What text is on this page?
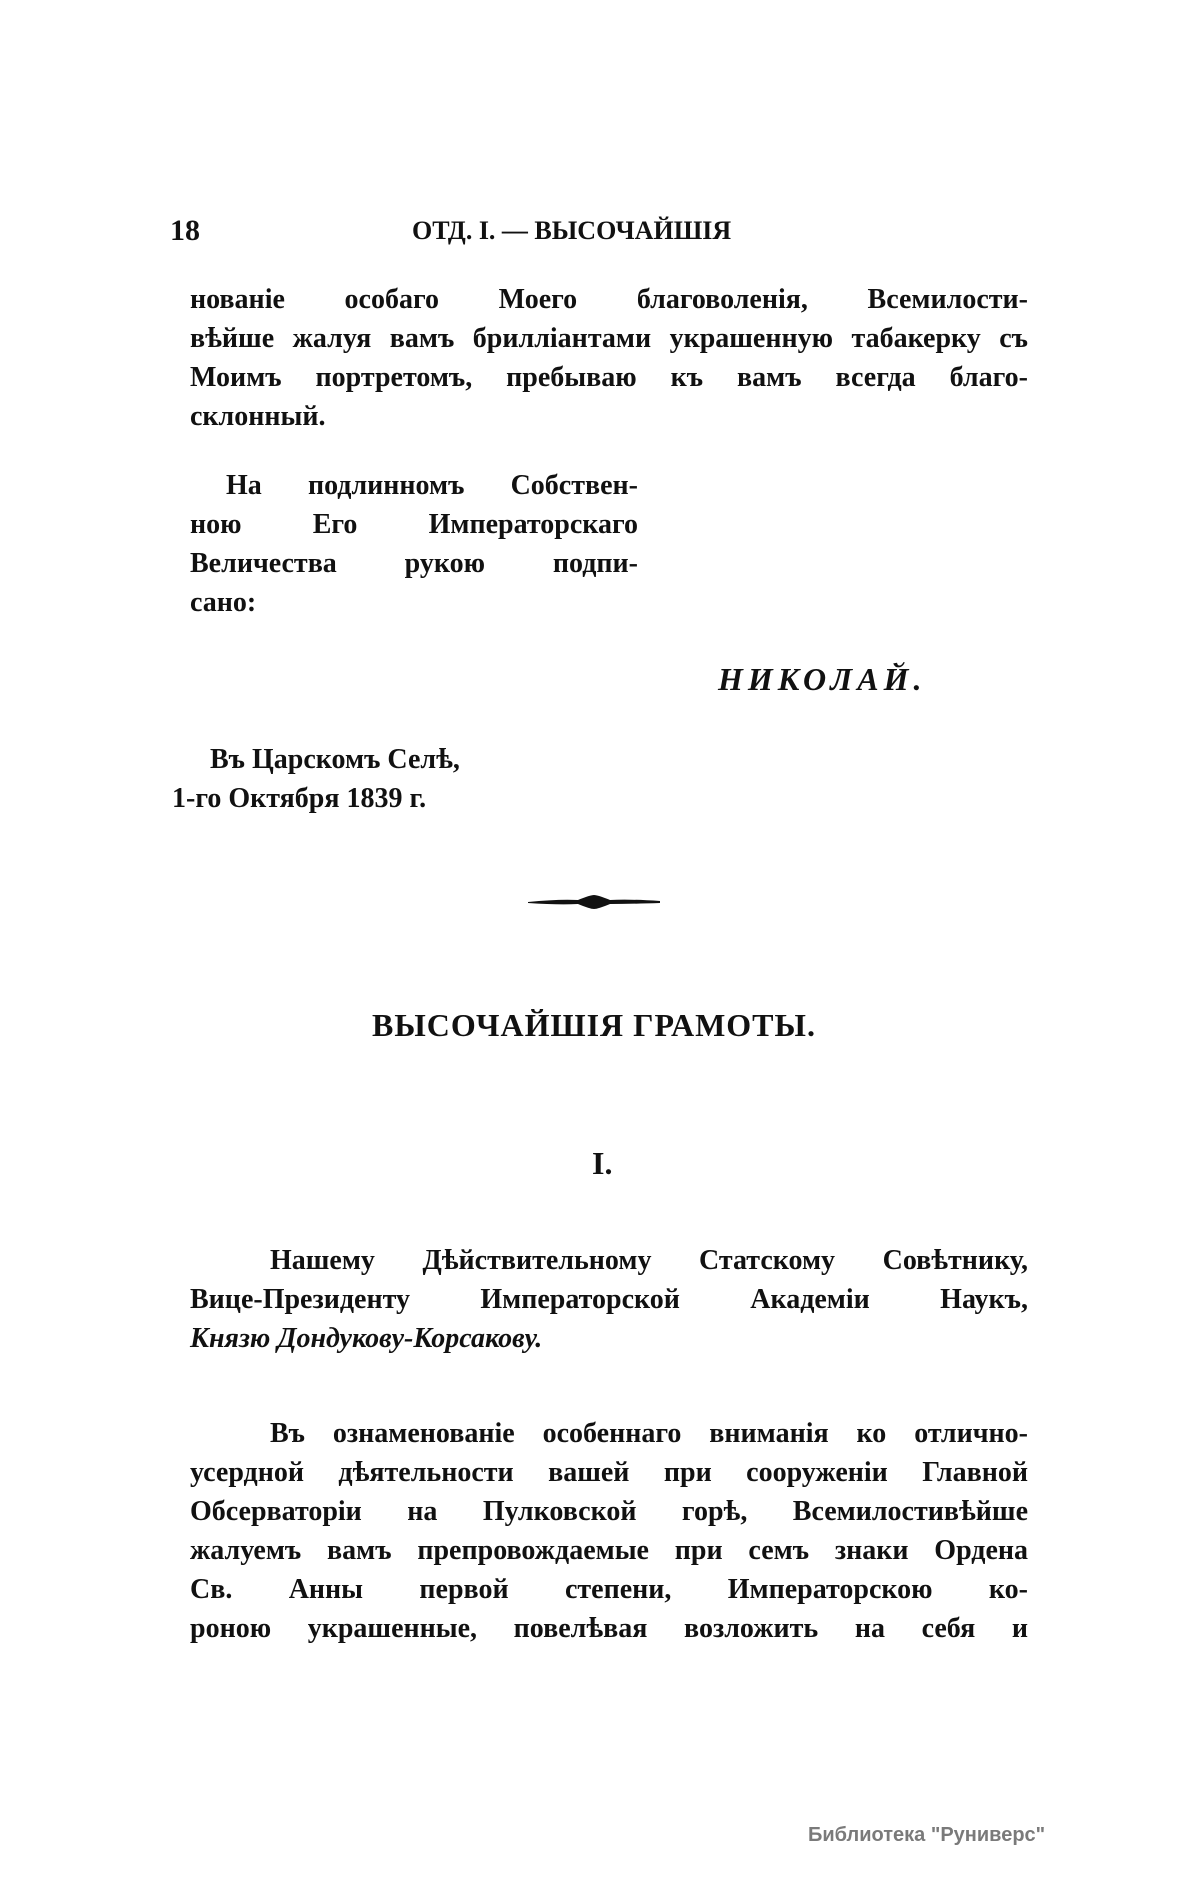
18	ОТД. I. — ВЫСОЧАЙШІЯ
нованіе особаго Моего благоволенія, Всемилости-
вѣйше жалуя вамъ брилліантами украшенную табакерку съ
Моимъ портретомъ, пребываю къ вамъ всегда благо-
склонный.
На подлинномъ Собствен-
ною Его Императорскаго
Величества рукою подпи-
сано:
НИКОЛАЙ.
Въ Царскомъ Селѣ,
1-го Октября 1839 г.
ВЫСОЧАЙШІЯ ГРАМОТЫ.
I.
Нашему Дѣйствительному Статскому Совѣтнику,
Вице-Президенту Императорской Академіи Наукъ,
Князю Дондукову-Корсакову.
Въ ознаменованіе особеннаго вниманія ко отлично-
усердной дѣятельности вашей при сооруженіи Главной
Обсерваторіи на Пулковской горѣ, Всемилостивѣйше
жалуемъ вамъ препровождаемые при семъ знаки Ордена
Св. Анны первой степени, Императорскою ко-
роною украшенные, повелѣвая возложить на себя и
Библиотека "Руниверс"
